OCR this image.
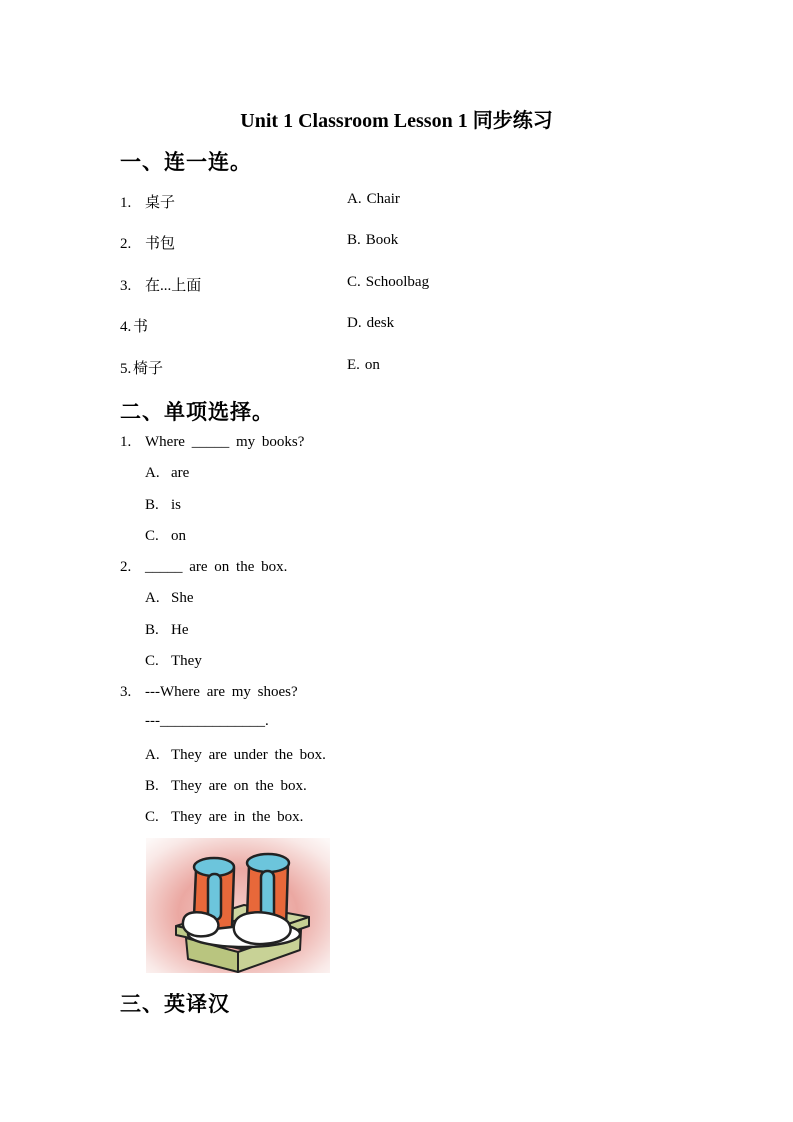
Unit 1 Classroom Lesson 1 同步练习
一、连一连。
1. 桌子	A. Chair
2. 书包	B. Book
3. 在...上面	C. Schoolbag
4. 书	D. desk
5. 椅子	E. on
二、单项选择。
1. Where _____ my books?
A. are
B. is
C. on
2. _____ are on the box.
A. She
B. He
C. They
3. ---Where are my shoes?
---______________.
A. They are under the box.
B. They are on the box.
C. They are in the box.
三、英译汉
